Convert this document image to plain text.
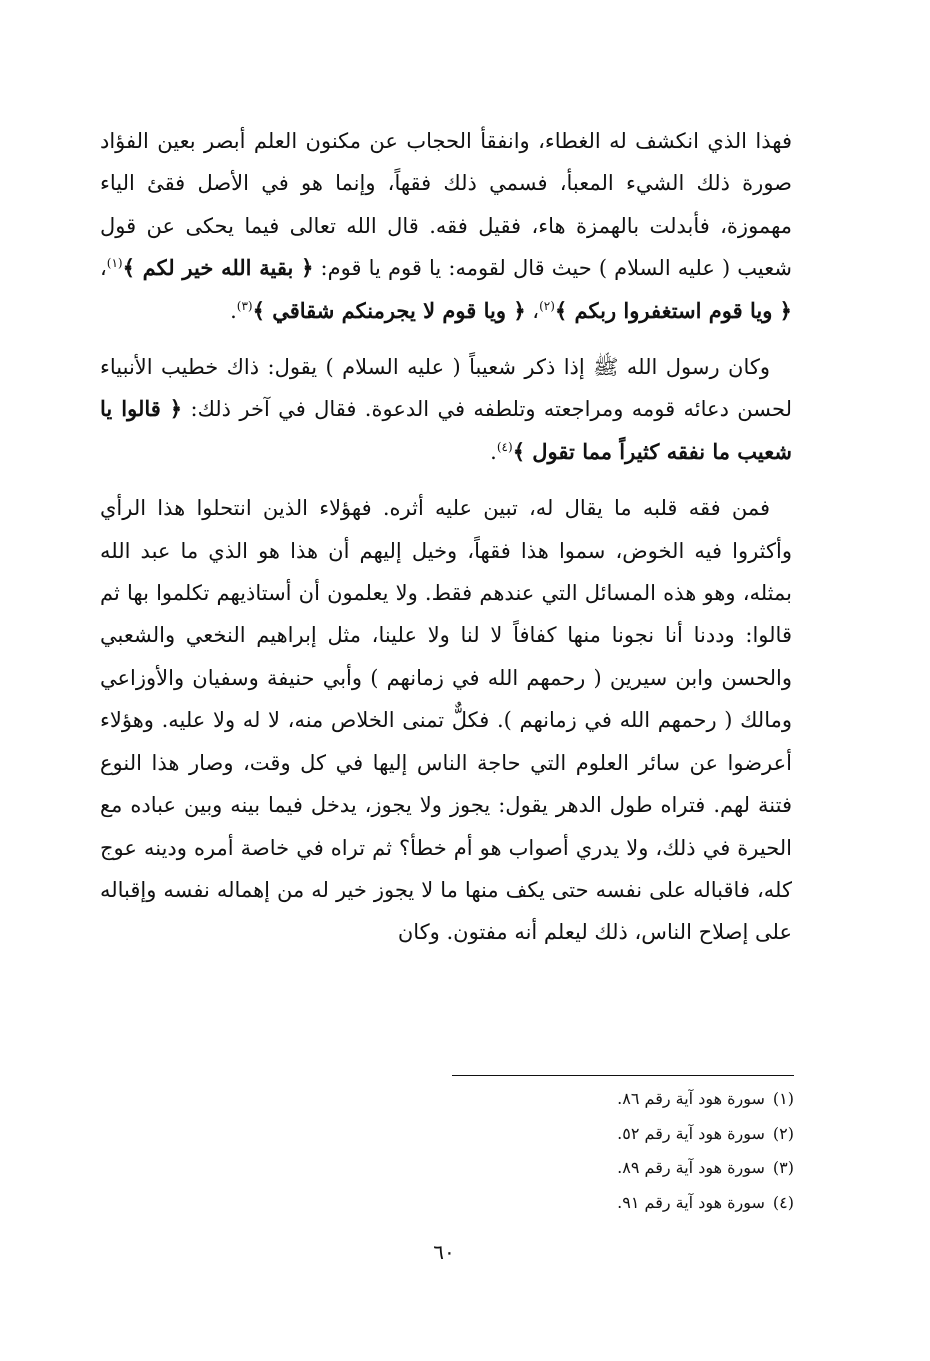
فهذا الذي انكشف له الغطاء، وانفقأ الحجاب عن مكنون العلم أبصر بعين الفؤاد صورة ذلك الشيء المعبأ، فسمي ذلك فقهاً، وإنما هو في الأصل فقئ الياء مهموزة، فأبدلت بالهمزة هاء، فقيل فقه. قال الله تعالى فيما يحكى عن قول شعيب ( عليه السلام ) حيث قال لقومه: يا قوم يا قوم: ﴿ بقية الله خير لكم ﴾$^{(١)}$، ﴿ ويا قوم استغفروا ربكم ﴾$^{(٢)}$، ﴿ ويا قوم لا يجرمنكم شقاقي ﴾$^{(٣)}$.

وكان رسول الله ﷺ إذا ذكر شعيباً ( عليه السلام ) يقول: ذاك خطيب الأنبياء لحسن دعائه قومه ومراجعته وتلطفه في الدعوة. فقال في آخر ذلك: ﴿ قالوا يا شعيب ما نفقه كثيراً مما تقول ﴾$^{(٤)}$.

فمن فقه قلبه ما يقال له، تبين عليه أثره. فهؤلاء الذين انتحلوا هذا الرأي وأكثروا فيه الخوض، سموا هذا فقهاً، وخيل إليهم أن هذا هو الذي ما عبد الله بمثله، وهو هذه المسائل التي عندهم فقط. ولا يعلمون أن أستاذيهم تكلموا بها ثم قالوا: وددنا أنا نجونا منها كفافاً لا لنا ولا علينا، مثل إبراهيم النخعي والشعبي والحسن وابن سيرين ( رحمهم الله في زمانهم ) وأبي حنيفة وسفيان والأوزاعي ومالك ( رحمهم الله في زمانهم ). فكلٌّ تمنى الخلاص منه، لا له ولا عليه. وهؤلاء أعرضوا عن سائر العلوم التي حاجة الناس إليها في كل وقت، وصار هذا النوع فتنة لهم. فتراه طول الدهر يقول: يجوز ولا يجوز، يدخل فيما بينه وبين عباده مع الحيرة في ذلك، ولا يدري أصواب هو أم خطأ؟ ثم تراه في خاصة أمره ودينه عوج كله، فاقباله على نفسه حتى يكف منها ما لا يجوز خير له من إهماله نفسه وإقباله على إصلاح الناس، ذلك ليعلم أنه مفتون. وكان

(١)سورة هود آية رقم ٨٦.
(٢)سورة هود آية رقم ٥٢.
(٣)سورة هود آية رقم ٨٩.
(٤)سورة هود آية رقم ٩١.
٦٠
